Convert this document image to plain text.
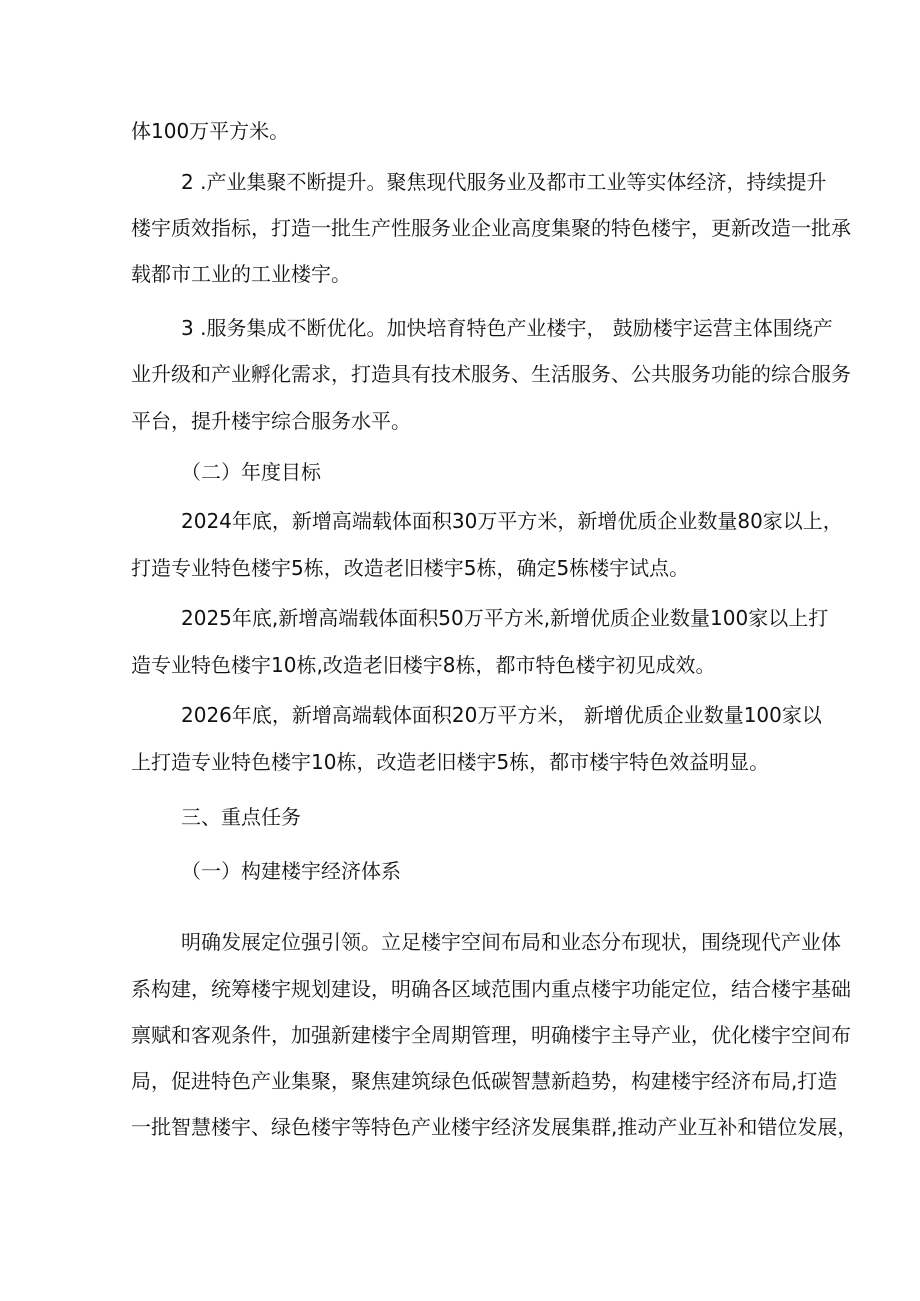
体100万平方米。
2 .产业集聚不断提升。聚焦现代服务业及都市工业等实体经济，持续提升
楼宇质效指标，打造一批生产性服务业企业高度集聚的特色楼宇，更新改造一批承
载都市工业的工业楼宇。
3 .服务集成不断优化。加快培育特色产业楼宇， 鼓励楼宇运营主体围绕产
业升级和产业孵化需求，打造具有技术服务、生活服务、公共服务功能的综合服务
平台，提升楼宇综合服务水平。
（二）年度目标
2024年底，新增高端载体面积30万平方米，新增优质企业数量80家以上，
打造专业特色楼宇5栋，改造老旧楼宇5栋，确定5栋楼宇试点。
2025年底,新增高端载体面积50万平方米,新增优质企业数量100家以上打
造专业特色楼宇10栋,改造老旧楼宇8栋，都市特色楼宇初见成效。
2026年底，新增高端载体面积20万平方米， 新增优质企业数量100家以
上打造专业特色楼宇10栋，改造老旧楼宇5栋，都市楼宇特色效益明显。
三、重点任务
（一）构建楼宇经济体系
明确发展定位强引领。立足楼宇空间布局和业态分布现状，围绕现代产业体
系构建，统筹楼宇规划建设，明确各区域范围内重点楼宇功能定位，结合楼宇基础
禀赋和客观条件，加强新建楼宇全周期管理，明确楼宇主导产业，优化楼宇空间布
局，促进特色产业集聚，聚焦建筑绿色低碳智慧新趋势，构建楼宇经济布局,打造
一批智慧楼宇、绿色楼宇等特色产业楼宇经济发展集群,推动产业互补和错位发展，
